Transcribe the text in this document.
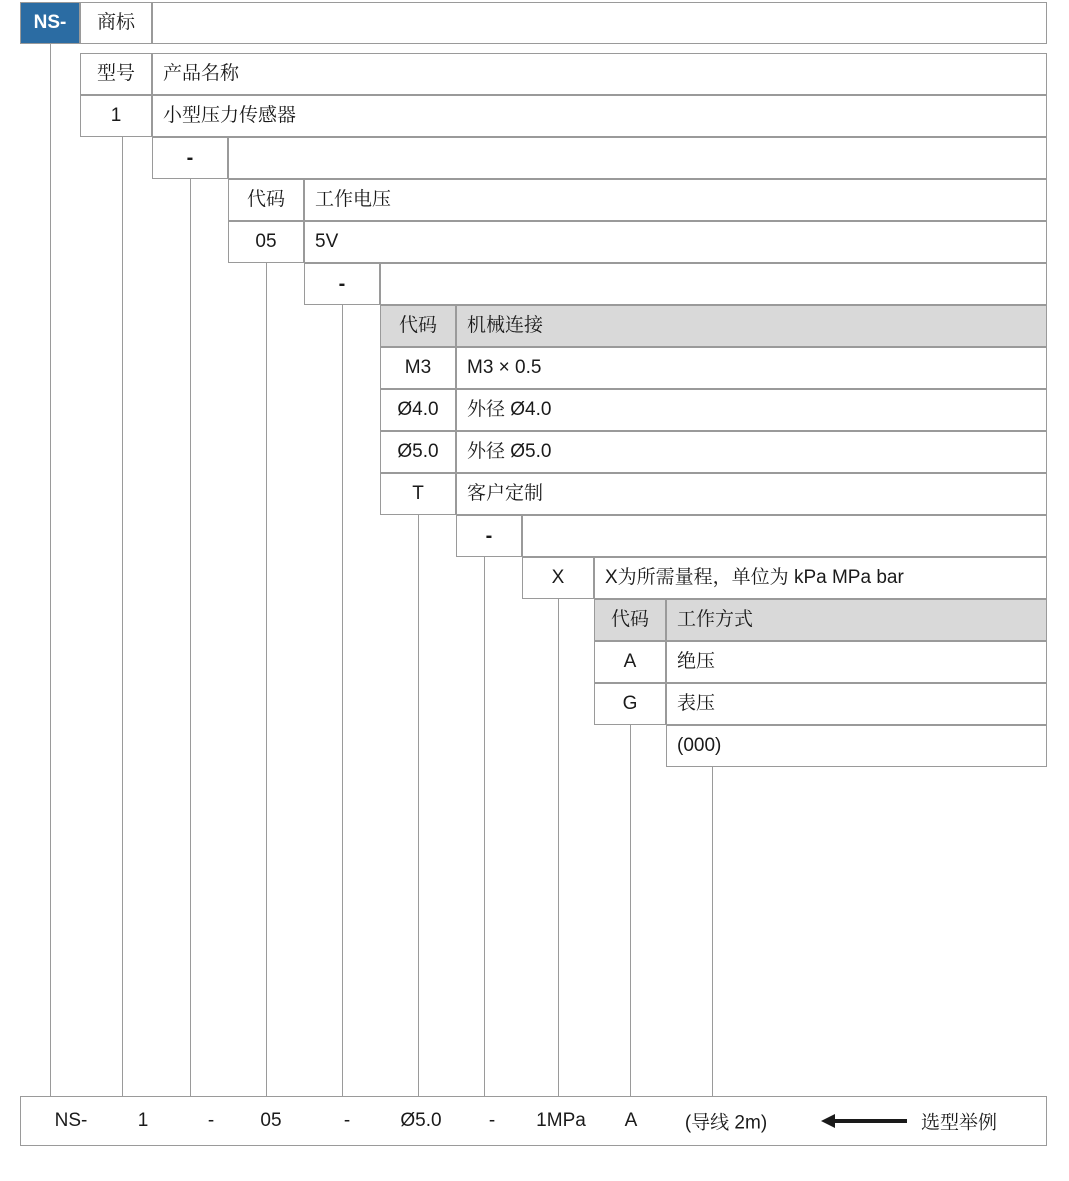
NS- 商标
型号 产品名称
1 小型压力传感器
-
代码 工作电压
05 5V
-
代码 机械连接
M3 M3 × 0.5
Ø4.0 外径 Ø4.0
Ø5.0 外径 Ø5.0
T 客户定制
-
X X为所需量程，单位为 kPa MPa bar
代码 工作方式
A 绝压
G 表压
(000)
NS-	1	-	05	-	Ø5.0	-	1MPa	A	(导线 2m)	选型举例
